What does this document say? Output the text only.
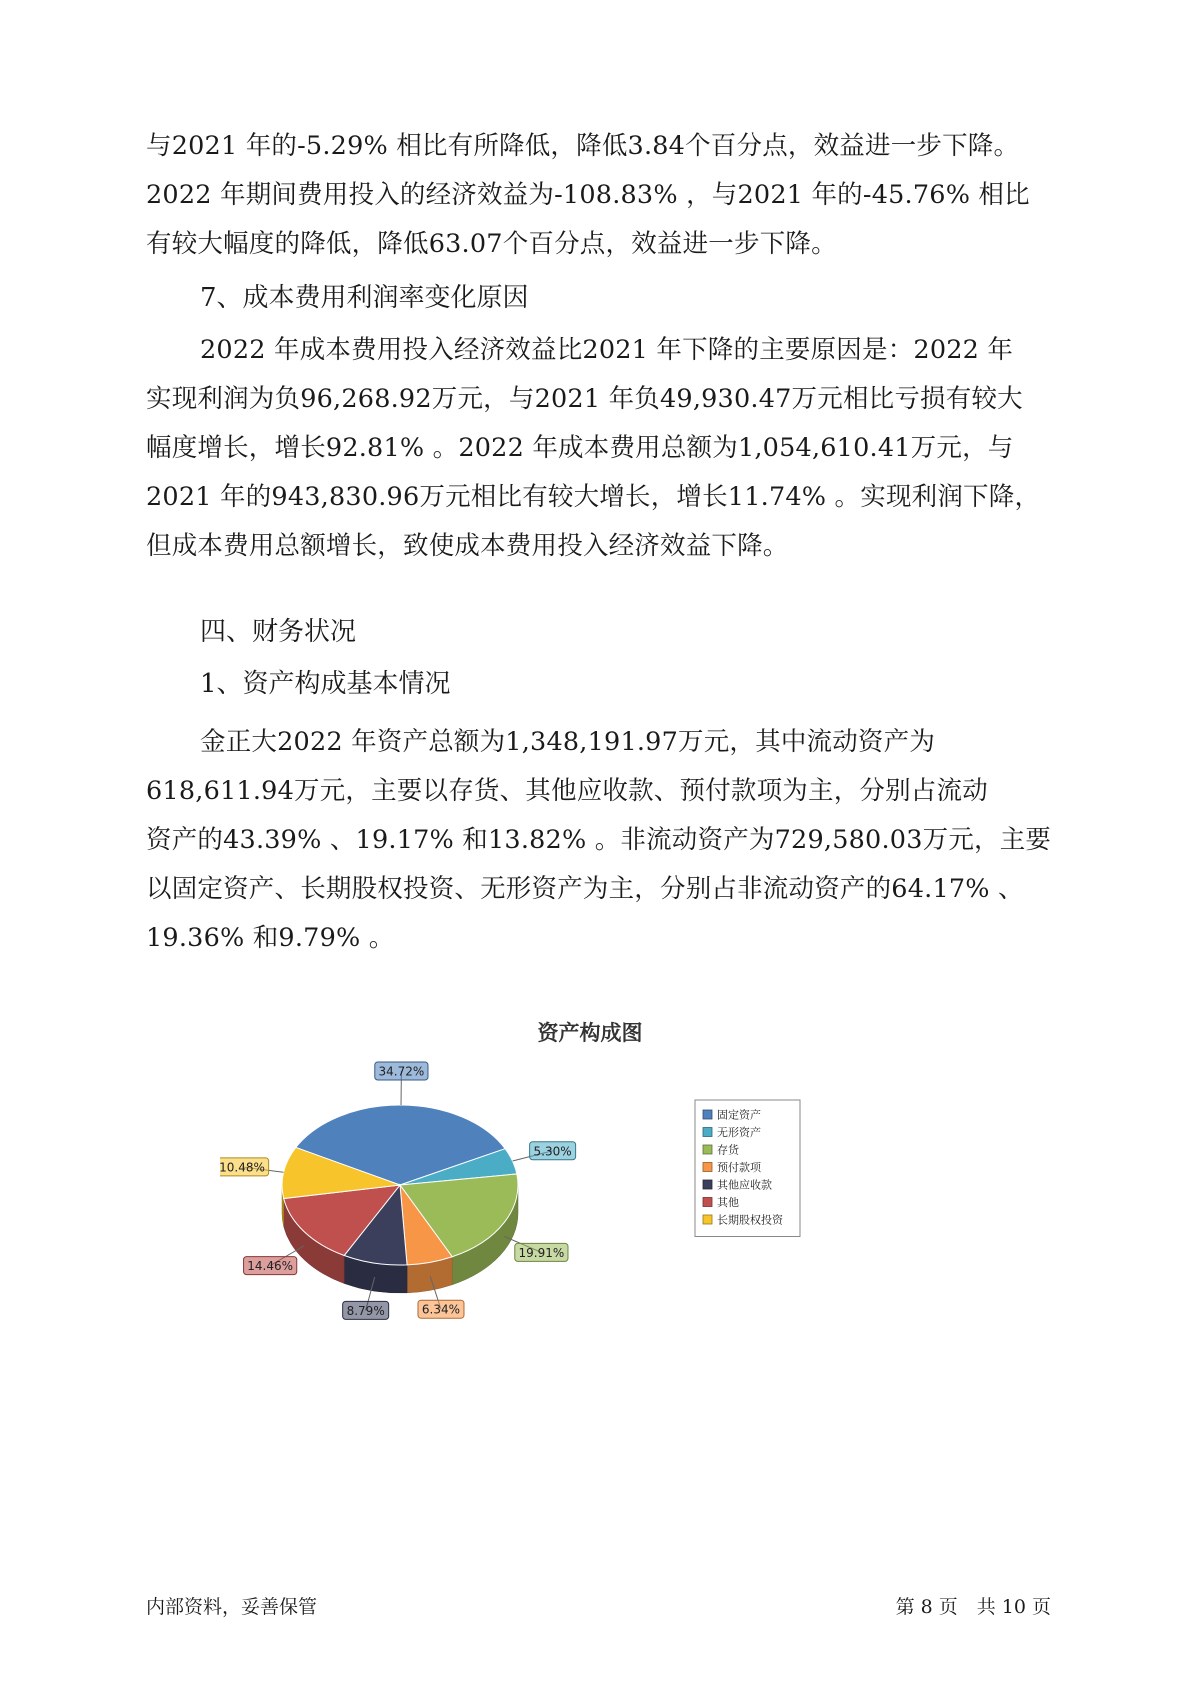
与2021 年的-5.29% 相比有所降低，降低3.84个百分点，效益进一步下降。
2022 年期间费用投入的经济效益为-108.83% ，与2021 年的-45.76% 相比
有较大幅度的降低，降低63.07个百分点，效益进一步下降。
7、成本费用利润率变化原因
2022 年成本费用投入经济效益比2021 年下降的主要原因是：2022 年
实现利润为负96,268.92万元，与2021 年负49,930.47万元相比亏损有较大
幅度增长，增长92.81% 。2022 年成本费用总额为1,054,610.41万元，与
2021 年的943,830.96万元相比有较大增长，增长11.74% 。实现利润下降，
但成本费用总额增长，致使成本费用投入经济效益下降。
四、财务状况
1、资产构成基本情况
金正大2022 年资产总额为1,348,191.97万元，其中流动资产为
618,611.94万元，主要以存货、其他应收款、预付款项为主，分别占流动
资产的43.39% 、19.17% 和13.82% 。非流动资产为729,580.03万元，主要
以固定资产、长期股权投资、无形资产为主，分别占非流动资产的64.17% 、
19.36% 和9.79% 。
资产构成图
34.72%
5.30%
19.91%
6.34%
8.79%
14.46%
10.48%
固定资产
无形资产
存货
预付款项
其他应收款
其他
长期股权投资
内部资料，妥善保管	第 8 页　共 10 页
